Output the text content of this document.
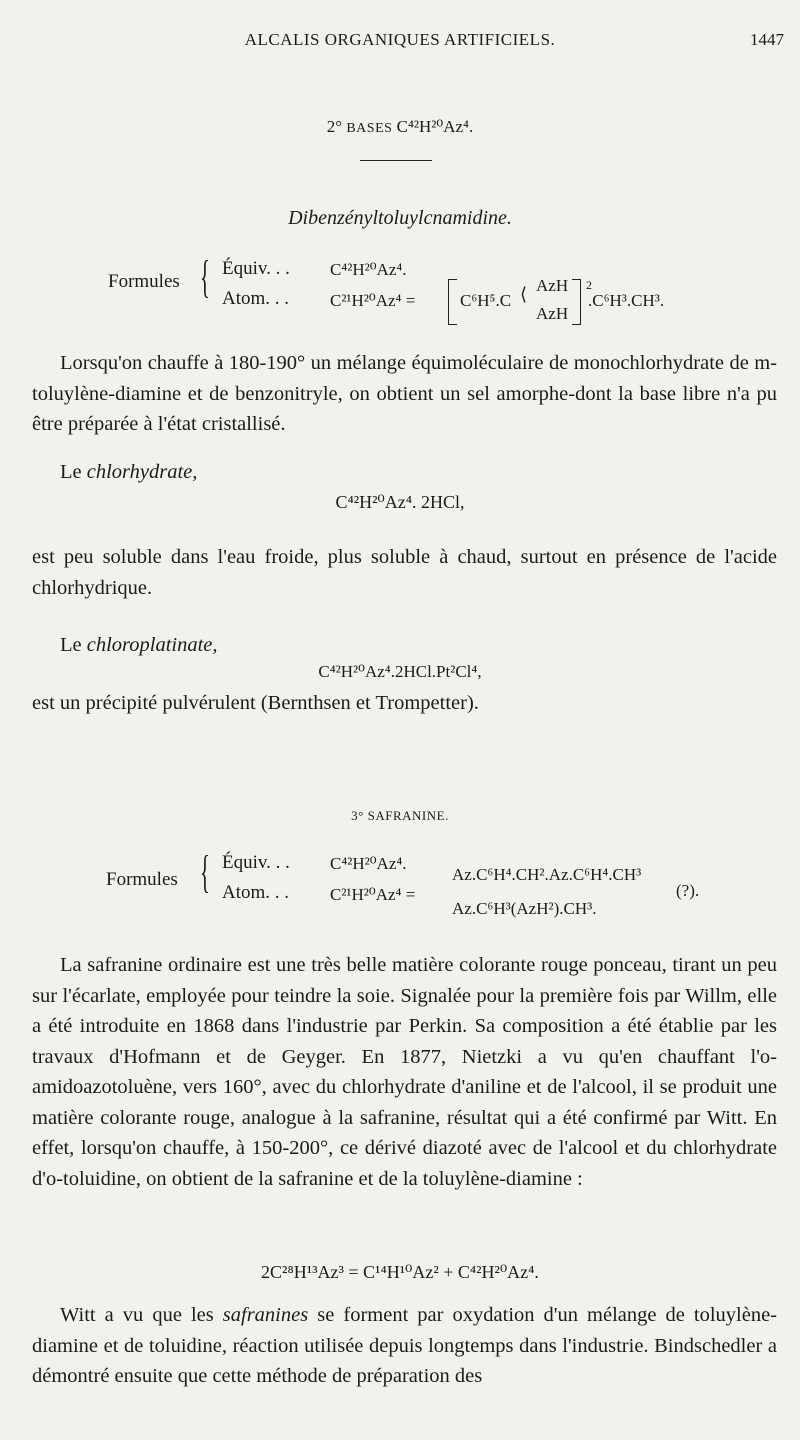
ALCALIS ORGANIQUES ARTIFICIELS.	1447
2° BASES C⁴²H²⁰Az⁴.
Dibenzényltoluylcnamidine.
Formules { Équiv. . . C⁴²H²⁰Az⁴.
Atom. . . C²¹H²⁰Az⁴ =	C⁶H⁵.C ⟨ AzH
AzH
2
.C⁶H³.CH³.
Lorsqu'on chauffe à 180-190° un mélange équimoléculaire de monochlorhydrate de m-toluylène-diamine et de benzonitryle, on obtient un sel amorphe-dont la base libre n'a pu être préparée à l'état cristallisé.
Le chlorhydrate,
C⁴²H²⁰Az⁴. 2HCl,
est peu soluble dans l'eau froide, plus soluble à chaud, surtout en présence de l'acide chlorhydrique.
Le chloroplatinate,
C⁴²H²⁰Az⁴.2HCl.Pt²Cl⁴,
est un précipité pulvérulent (Bernthsen et Trompetter).
3° SAFRANINE.
Formules { Équiv. . . C⁴²H²⁰Az⁴.
Atom. . . C²¹H²⁰Az⁴ =
Az.C⁶H⁴.CH².Az.C⁶H⁴.CH³
Az.C⁶H³(AzH²).CH³.
(?).
La safranine ordinaire est une très belle matière colorante rouge ponceau, tirant un peu sur l'écarlate, employée pour teindre la soie. Signalée pour la première fois par Willm, elle a été introduite en 1868 dans l'industrie par Perkin. Sa composition a été établie par les travaux d'Hofmann et de Geyger. En 1877, Nietzki a vu qu'en chauffant l'o-amidoazotoluène, vers 160°, avec du chlorhydrate d'aniline et de l'alcool, il se produit une matière colorante rouge, analogue à la safranine, résultat qui a été confirmé par Witt. En effet, lorsqu'on chauffe, à 150-200°, ce dérivé diazoté avec de l'alcool et du chlorhydrate d'o-toluidine, on obtient de la safranine et de la toluylène-diamine :
2C²⁸H¹³Az³ = C¹⁴H¹⁰Az² + C⁴²H²⁰Az⁴.
Witt a vu que les safranines se forment par oxydation d'un mélange de toluylène-diamine et de toluidine, réaction utilisée depuis longtemps dans l'industrie. Bindschedler a démontré ensuite que cette méthode de préparation des
